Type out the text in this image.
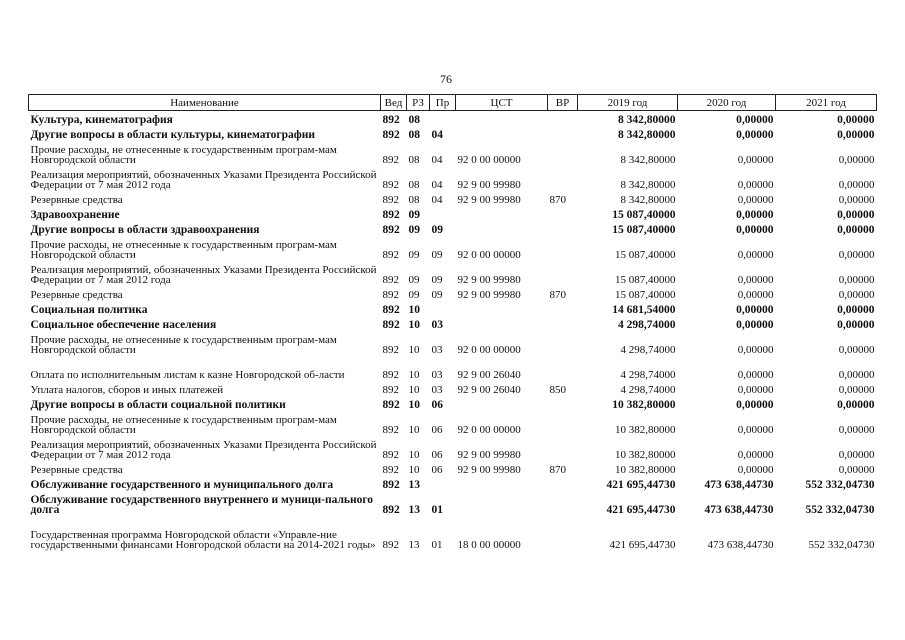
76
Наименование	Вед	РЗ	Пр	ЦСТ	ВР	2019 год	2020 год	2021 год
Культура, кинематография	892	08				8 342,80000	0,00000	0,00000
Другие вопросы в области культуры, кинематографии	892	08	04			8 342,80000	0,00000	0,00000
Прочие расходы, не отнесенные к государственным програм-мам Новгородской области	892	08	04	92 0 00 00000		8 342,80000	0,00000	0,00000
Реализация мероприятий, обозначенных Указами Президента Российской Федерации от 7 мая 2012 года	892	08	04	92 9 00 99980		8 342,80000	0,00000	0,00000
Резервные средства	892	08	04	92 9 00 99980	870	8 342,80000	0,00000	0,00000
Здравоохранение	892	09				15 087,40000	0,00000	0,00000
Другие вопросы в области здравоохранения	892	09	09			15 087,40000	0,00000	0,00000
Прочие расходы, не отнесенные к государственным програм-мам Новгородской области	892	09	09	92 0 00 00000		15 087,40000	0,00000	0,00000
Реализация мероприятий, обозначенных Указами Президента Российской Федерации от 7 мая 2012 года	892	09	09	92 9 00 99980		15 087,40000	0,00000	0,00000
Резервные средства	892	09	09	92 9 00 99980	870	15 087,40000	0,00000	0,00000
Социальная политика	892	10				14 681,54000	0,00000	0,00000
Социальное обеспечение населения	892	10	03			4 298,74000	0,00000	0,00000
Прочие расходы, не отнесенные к государственным програм-мам Новгородской области	892	10	03	92 0 00 00000		4 298,74000	0,00000	0,00000
Оплата по исполнительным листам к казне Новгородской об-ласти	892	10	03	92 9 00 26040		4 298,74000	0,00000	0,00000
Уплата налогов, сборов и иных платежей	892	10	03	92 9 00 26040	850	4 298,74000	0,00000	0,00000
Другие вопросы в области социальной политики	892	10	06			10 382,80000	0,00000	0,00000
Прочие расходы, не отнесенные к государственным програм-мам Новгородской области	892	10	06	92 0 00 00000		10 382,80000	0,00000	0,00000
Реализация мероприятий, обозначенных Указами Президента Российской Федерации от 7 мая 2012 года	892	10	06	92 9 00 99980		10 382,80000	0,00000	0,00000
Резервные средства	892	10	06	92 9 00 99980	870	10 382,80000	0,00000	0,00000
Обслуживание государственного и муниципального долга	892	13				421 695,44730	473 638,44730	552 332,04730
Обслуживание государственного внутреннего и муници-пального долга	892	13	01			421 695,44730	473 638,44730	552 332,04730
Государственная программа Новгородской области «Управле-ние государственными финансами Новгородской области на 2014-2021 годы»	892	13	01	18 0 00 00000		421 695,44730	473 638,44730	552 332,04730
